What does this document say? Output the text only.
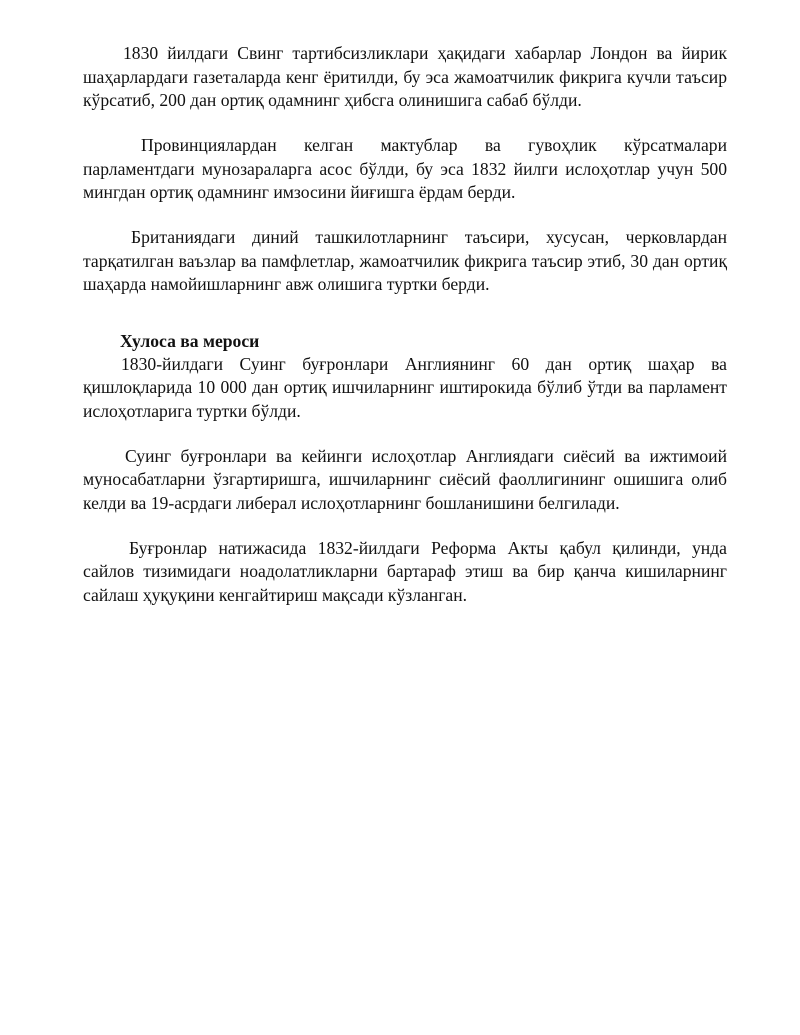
1830 йилдаги Свинг тартибсизликлари ҳақидаги хабарлар Лондон ва йирик шаҳарлардаги газеталарда кенг ёритилди, бу эса жамоатчилик фикрига кучли таъсир кўрсатиб, 200 дан ортиқ одамнинг ҳибсга олинишига сабаб бўлди.

Провинциялардан келган мактублар ва гувоҳлик кўрсатмалари парламентдаги мунозараларга асос бўлди, бу эса 1832 йилги ислоҳотлар учун 500 мингдан ортиқ одамнинг имзосини йиғишга ёрдам берди.

Британиядаги диний ташкилотларнинг таъсири, хусусан, черковлардан тарқатилган ваъзлар ва памфлетлар, жамоатчилик фикрига таъсир этиб, 30 дан ортиқ шаҳарда намойишларнинг авж олишига туртки берди.

Хулоса ва мероси

1830-йилдаги Суинг буғронлари Англиянинг 60 дан ортиқ шаҳар ва қишлоқларида 10 000 дан ортиқ ишчиларнинг иштирокида бўлиб ўтди ва парламент ислоҳотларига туртки бўлди.

Суинг буғронлари ва кейинги ислоҳотлар Англиядаги сиёсий ва ижтимоий муносабатларни ўзгартиришга, ишчиларнинг сиёсий фаоллигининг ошишига олиб келди ва 19-асрдаги либерал ислоҳотларнинг бошланишини белгилади.

Буғронлар натижасида 1832-йилдаги Реформа Акты қабул қилинди, унда сайлов тизимидаги ноадолатликларни бартараф этиш ва бир қанча кишиларнинг сайлаш ҳуқуқини кенгайтириш мақсади кўзланган.
